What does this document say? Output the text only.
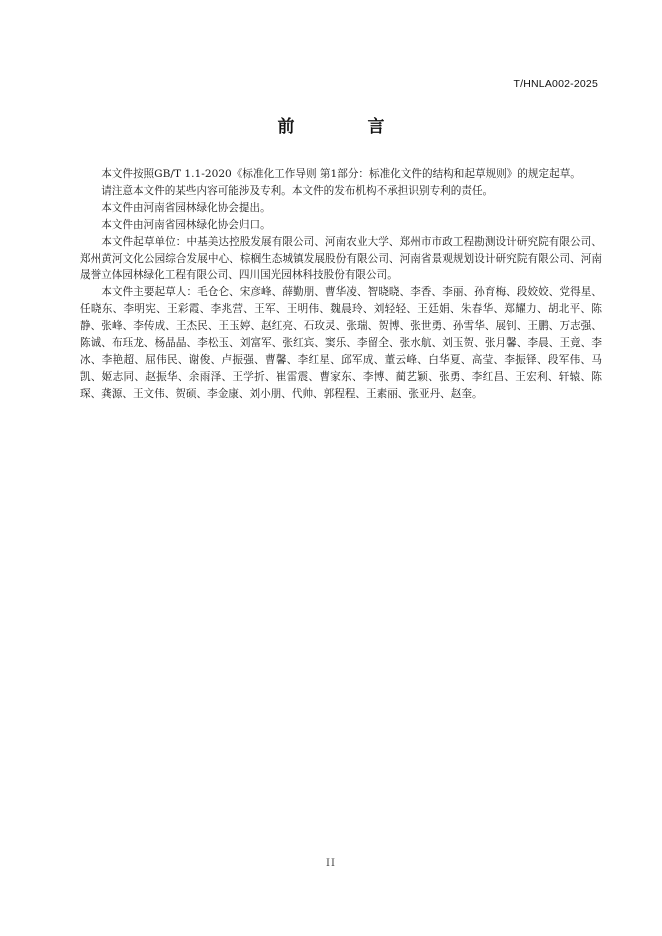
T/HNLA002-2025
前　言

本文件按照GB/T 1.1-2020《标准化工作导则 第1部分：标准化文件的结构和起草规则》的规定起草。

请注意本文件的某些内容可能涉及专利。本文件的发布机构不承担识别专利的责任。

本文件由河南省园林绿化协会提出。

本文件由河南省园林绿化协会归口。

本文件起草单位：中基美达控股发展有限公司、河南农业大学、郑州市市政工程勘测设计研究院有限公司、郑州黄河文化公园综合发展中心、棕榈生态城镇发展股份有限公司、河南省景观规划设计研究院有限公司、河南晟誉立体园林绿化工程有限公司、四川国光园林科技股份有限公司。

本文件主要起草人：毛仓仑、宋彦峰、薛勤朋、曹华凌、智晓晓、李香、李丽、孙育梅、段姣姣、党得星、任晓东、李明宪、王彩霞、李兆营、王军、王明伟、魏晨玲、刘轻轻、王廷娟、朱春华、郑耀力、胡北平、陈静、张峰、李传成、王杰民、王玉婷、赵红亮、石玫灵、张瑞、贺博、张世勇、孙雪华、展钊、王鹏、万志强、陈诚、布珏龙、杨晶晶、李松玉、刘富军、张红宾、窦乐、李留全、张水航、刘玉贺、张月馨、李晨、王竟、李冰、李艳超、屈伟民、谢俊、卢振强、曹馨、李红星、邱军成、董云峰、白华夏、高莹、李振铎、段军伟、马凯、姬志同、赵振华、余雨泽、王学折、崔雷震、曹家东、李博、蔺艺颖、张勇、李红昌、王宏利、轩辕、陈琛、龚源、王文伟、贺硕、李金康、刘小朋、代帅、郭程程、王素丽、张亚丹、赵奎。

II
